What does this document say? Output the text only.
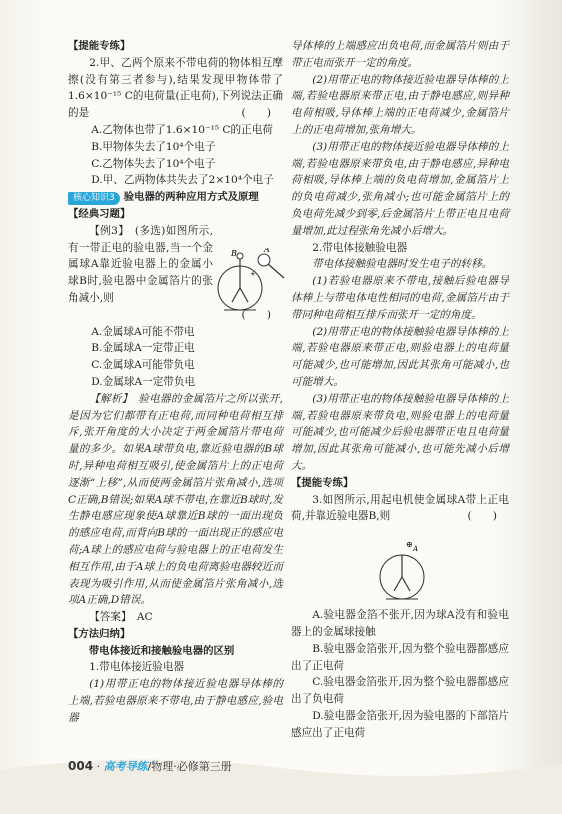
【提能专练】

2.甲、乙两个原来不带电荷的物体相互摩擦(没有第三者参与),结果发现甲物体带了1.6×10⁻¹⁵ C的电荷量(正电荷),下列说法正确的是	(　　)

A.乙物体也带了1.6×10⁻¹⁵ C的正电荷

B.甲物体失去了10⁴个电子

C.乙物体失去了10⁴个电子

D.甲、乙两物体共失去了2×10⁴个电子

核心知识3 验电器的两种应用方式及原理

【经典习题】

【例3】　(多选)如图所示,有一带正电的验电器,当一个金属球A靠近验电器上的金属小球B时,验电器中金属箔片的张角减小,则

(　　)

A.金属球A可能不带电

B.金属球A一定带正电

C.金属球A可能带负电

D.金属球A一定带负电

【解析】　验电器的金属箔片之所以张开,是因为它们都带有正电荷,而同种电荷相互排斥,张开角度的大小决定于两金属箔片带电荷量的多少。如果A球带负电,靠近验电器的B球时,异种电荷相互吸引,使金属箔片上的正电荷逐渐“上移”,从而使两金属箔片张角减小,选项C正确,B错误;如果A球不带电,在靠近B球时,发生静电感应现象使A球靠近B球的一面出现负的感应电荷,而背向B球的一面出现正的感应电荷;A球上的感应电荷与验电器上的正电荷发生相互作用,由于A球上的负电荷离验电器较近而表现为吸引作用,从而使金属箔片张角减小,选项A正确,D错误。

【答案】　AC

【方法归纳】

带电体接近和接触验电器的区别

1.带电体接近验电器

(1)用带正电的物体接近验电器导体棒的上端,若验电器原来不带电,由于静电感应,验电器

导体棒的上端感应出负电荷,而金属箔片则由于带正电而张开一定的角度。

(2)用带正电的物体接近验电器导体棒的上端,若验电器原来带正电,由于静电感应,则异种电荷相吸,导体棒上端的正电荷减少,金属箔片上的正电荷增加,张角增大。

(3)用带正电的物体接近验电器导体棒的上端,若验电器原来带负电,由于静电感应,异种电荷相吸,导体棒上端的负电荷增加,金属箔片上的负电荷减少,张角减小;也可能金属箔片上的负电荷先减少到零,后金属箔片上带正电且电荷量增加,此过程张角先减小后增大。

2.带电体接触验电器

带电体接触验电器时发生电子的转移。

(1)若验电器原来不带电,接触后验电器导体棒上与带电体电性相同的电荷,金属箔片由于带同种电荷相互排斥而张开一定的角度。

(2)用带正电的物体接触验电器导体棒的上端,若验电器原来带正电,则验电器上的电荷量可能减少,也可能增加,因此其张角可能减小,也可能增大。

(3)用带正电的物体接触验电器导体棒的上端,若验电器原来带负电,则验电器上的电荷量可能减少,也可能减少后验电器带正电且电荷量增加,因此其张角可能减小,也可能先减小后增大。

【提能专练】

3.如图所示,用起电机使金属球A带上正电荷,并靠近验电器B,则	(　　)

A.验电器金箔不张开,因为球A没有和验电器上的金属球接触

B.验电器金箔张开,因为整个验电器都感应出了正电荷

C.验电器金箔张开,因为整个验电器都感应出了负电荷

D.验电器金箔张开,因为验电器的下部箔片感应出了正电荷

B	A
+
⊕ A
004 · 高考导练/物理·必修第三册
